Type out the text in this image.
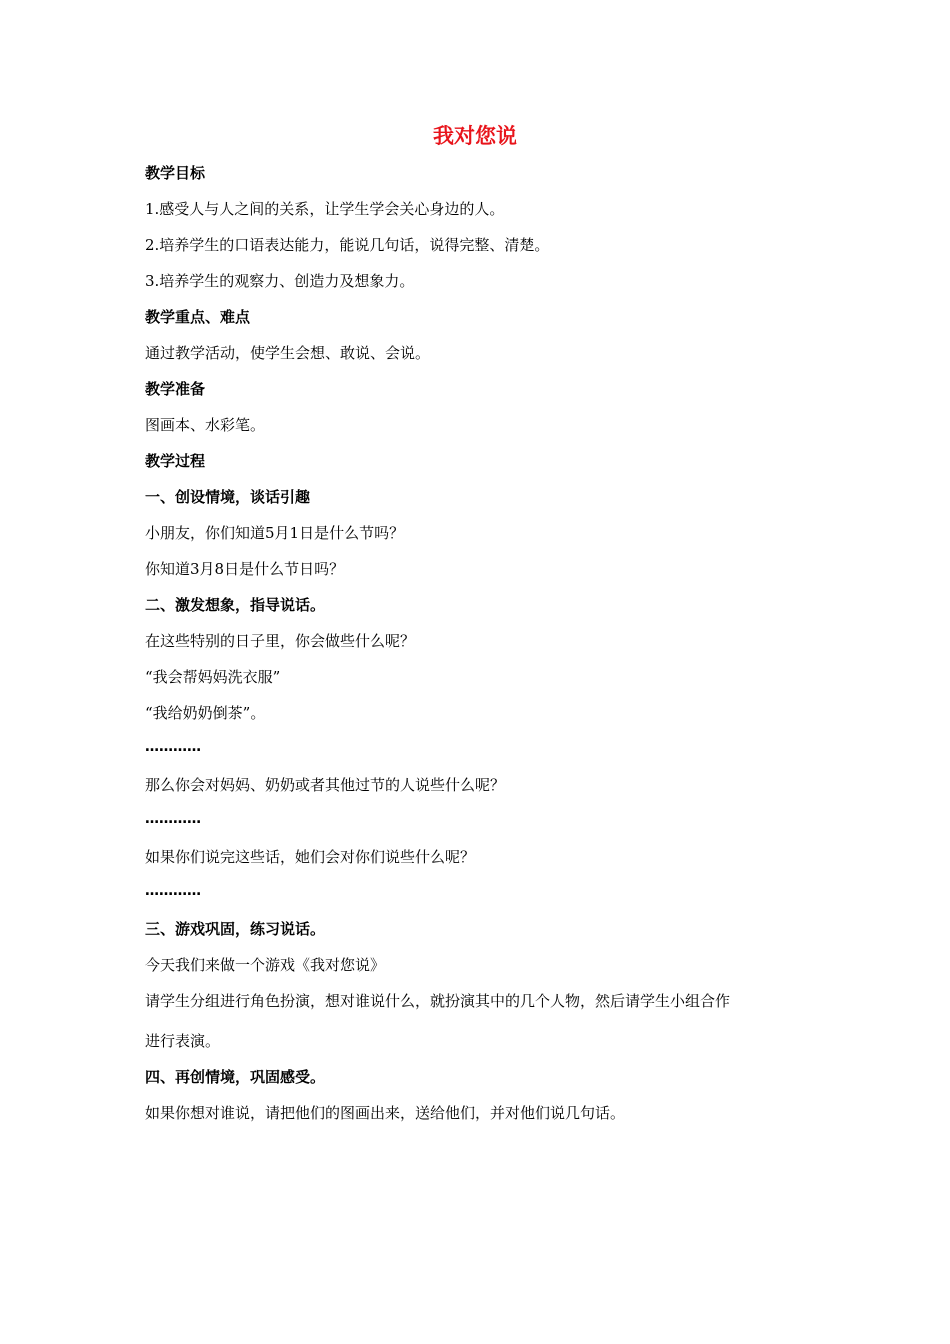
我对您说
教学目标
1.感受人与人之间的关系，让学生学会关心身边的人。
2.培养学生的口语表达能力，能说几句话，说得完整、清楚。
3.培养学生的观察力、创造力及想象力。
教学重点、难点
通过教学活动，使学生会想、敢说、会说。
教学准备
图画本、水彩笔。
教学过程
一、创设情境，谈话引趣
小朋友，你们知道5月1日是什么节吗？
你知道3月8日是什么节日吗？
二、激发想象，指导说话。
在这些特别的日子里，你会做些什么呢？
“我会帮妈妈洗衣服”
“我给奶奶倒茶”。
…………
那么你会对妈妈、奶奶或者其他过节的人说些什么呢？
…………
如果你们说完这些话，她们会对你们说些什么呢？
…………
三、游戏巩固，练习说话。
今天我们来做一个游戏《我对您说》
请学生分组进行角色扮演，想对谁说什么，就扮演其中的几个人物，然后请学生小组合作
进行表演。
四、再创情境，巩固感受。
如果你想对谁说，请把他们的图画出来，送给他们，并对他们说几句话。
